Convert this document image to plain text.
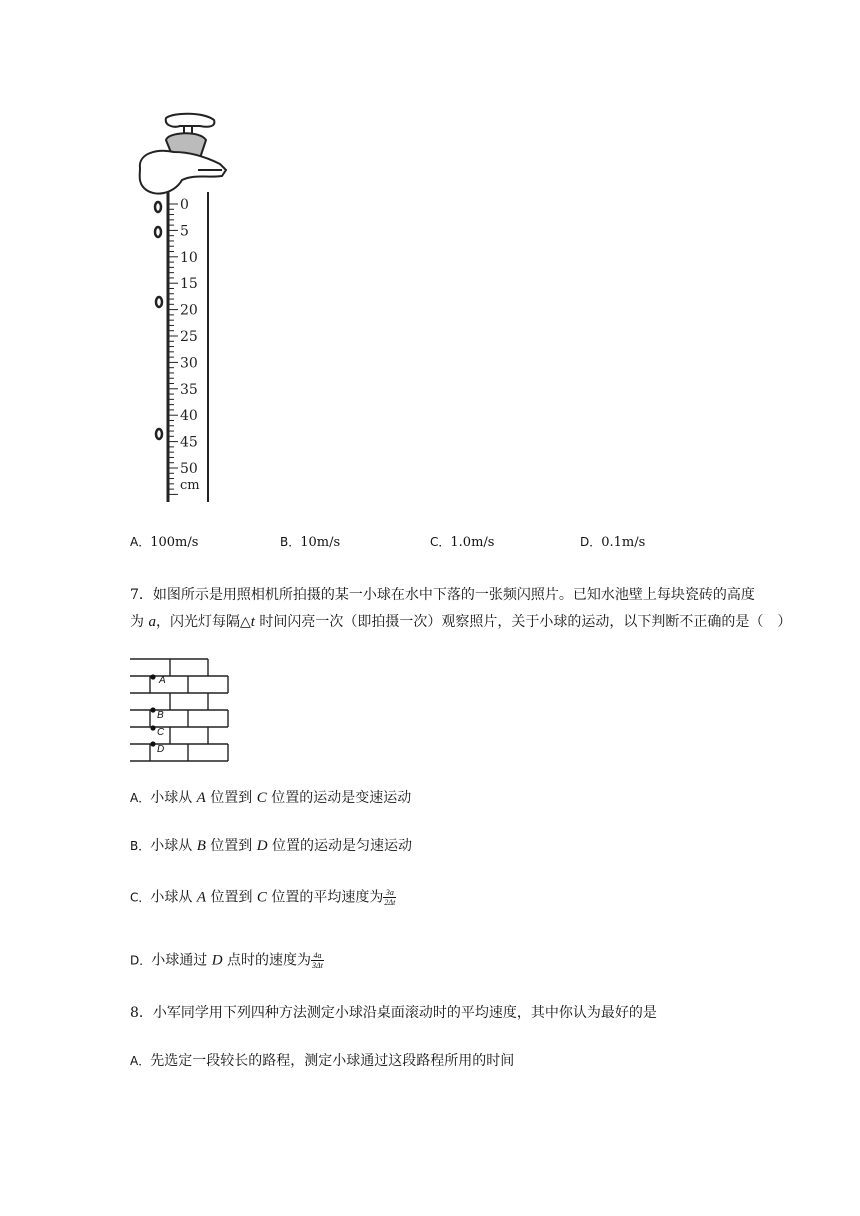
0
5
10
15
20
25
30
35
40
45
50
cm
A．100m/s	B．10m/s	C．1.0m/s	D．0.1m/s
7．如图所示是用照相机所拍摄的某一小球在水中下落的一张频闪照片。已知水池壁上每块瓷砖的高度
为 a，闪光灯每隔△t 时间闪亮一次（即拍摄一次）观察照片，关于小球的运动，以下判断不正确的是（　）
A
B
C
D
A．小球从 A 位置到 C 位置的运动是变速运动
B．小球从 B 位置到 D 位置的运动是匀速运动
C．小球从 A 位置到 C 位置的平均速度为 $\frac{3a}{2\Delta t}$
D．小球通过 D 点时的速度为 $\frac{4a}{3\Delta t}$
8．小军同学用下列四种方法测定小球沿桌面滚动时的平均速度，其中你认为最好的是
A．先选定一段较长的路程，测定小球通过这段路程所用的时间
